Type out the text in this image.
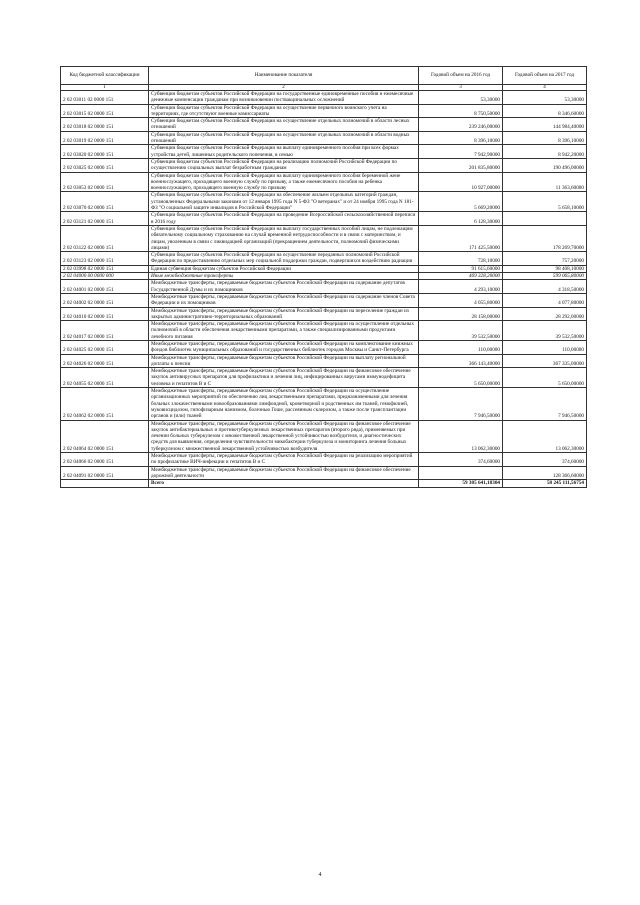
Код бюджетной классификации	Наименование показателя	Годовой объем на 2016 год	Годовой объем на 2017 год
1	2	3	4
2 02 03011 02 0000 151	Субвенции бюджетам субъектов Российской Федерации на государственные единовременные пособия и ежемесячные денежные компенсации гражданам при возникновении поствакцинальных осложнений	53,30000	53,30000
2 02 03015 02 0000 151	Субвенции бюджетам субъектов Российской Федерации на осуществление первичного воинского учета на территориях, где отсутствуют военные комиссариаты	8 750,50000	8 346,60000
2 02 03018 02 0000 151	Субвенции бюджетам субъектов Российской Федерации на осуществление отдельных полномочий в области лесных отношений	239 246,00000	144 984,40000
2 02 03019 02 0000 151	Субвенции бюджетам субъектов Российской Федерации на осуществление отдельных полномочий в области водных отношений	8 396,10000	8 396,10000
2 02 03020 02 0000 151	Субвенции бюджетам субъектов Российской Федерации на выплату единовременного пособия при всех формах устройства детей, лишенных родительского попечения, в семью	7 942,90000	8 942,20000
2 02 03025 02 0000 151	Субвенции бюджетам субъектов Российской Федерации на реализацию полномочий Российской Федерации по осуществлению социальных выплат безработным гражданам	201 835,80000	190 496,00000
2 02 03053 02 0000 151	Субвенции бюджетам субъектов Российской Федерации на выплату единовременного пособия беременной жене военнослужащего, проходящего военную службу по призыву, а также ежемесячного пособия на ребенка военнослужащего, проходящего военную службу по призыву	10 927,00000	11 363,60000
2 02 03070 02 0000 151	Субвенции бюджетам субъектов Российской Федерации на обеспечение жильем отдельных категорий граждан, установленных Федеральными законами от 12 января 1995 года N 5-ФЗ "О ветеранах" и от 24 ноября 1995 года N 181-ФЗ "О социальной защите инвалидов в Российской Федерации"	5 669,20000	5 658,10000
2 02 03121 02 0000 151	Субвенции бюджетам субъектов Российской Федерации на проведение Всероссийской сельскохозяйственной переписи в 2016 году	6 128,30000	
2 02 03122 02 0000 151	Субвенции бюджетам субъектов Российской Федерации на выплату государственных пособий лицам, не подлежащим обязательному социальному страхованию на случай временной нетрудоспособности и в связи с материнством, и лицам, уволенным в связи с ликвидацией организаций (прекращением деятельности, полномочий физическими лицами)	171 425,50000	178 269,70000
2 02 03123 02 0000 151	Субвенции бюджетам субъектов Российской Федерации на осуществление переданных полномочий Российской Федерации по предоставлению отдельных мер социальной поддержки граждан, подвергшихся воздействию радиации	728,10000	757,20000
2 02 03998 02 0000 151	Единая субвенция бюджетам субъектов Российской Федерации	91 615,60000	98 408,10000
2 02 04000 00 0000 000	Иные межбюджетные трансферты	469 328,20000	599 065,80000
2 02 04001 02 0000 151	Межбюджетные трансферты, передаваемые бюджетам субъектов Российской Федерации на содержание депутатов Государственной Думы и их помощников	4 293,10000	4 318,50000
2 02 04002 02 0000 151	Межбюджетные трансферты, передаваемые бюджетам субъектов Российской Федерации на содержание членов Совета Федерации и их помощников	4 055,80000	4 077,80000
2 02 04010 02 0000 151	Межбюджетные трансферты, передаваемые бюджетам субъектов Российской Федерации на переселение граждан из закрытых административно-территориальных образований	28 158,00000	28 292,00000
2 02 04017 02 0000 151	Межбюджетные трансферты, передаваемые бюджетам субъектов Российской Федерации на осуществление отдельных полномочий в области обеспечения лекарственными препаратами, а также специализированными продуктами лечебного питания	39 532,50000	39 532,50000
2 02 04025 02 0000 151	Межбюджетные трансферты, передаваемые бюджетам субъектов Российской Федерации на комплектование книжных фондов библиотек муниципальных образований и государственных библиотек городов Москвы и Санкт-Петербурга	110,00000	110,00000
2 02 04026 02 0000 151	Межбюджетные трансферты, передаваемые бюджетам субъектов Российской Федерации на выплату региональной доплаты к пенсии	366 143,40000	367 335,00000
2 02 04055 02 0000 151	Межбюджетные трансферты, передаваемые бюджетам субъектов Российской Федерации на финансовое обеспечение закупок антивирусных препаратов для профилактики и лечения лиц, инфицированных вирусами иммунодефицита человека и гепатитов В и С	5 650,00000	5 650,00000
2 02 04062 02 0000 151	Межбюджетные трансферты, передаваемые бюджетам субъектов Российской Федерации на осуществление организационных мероприятий по обеспечению лиц лекарственными препаратами, предназначенными для лечения больных злокачественными новообразованиями лимфоидной, кроветворной и родственных им тканей, гемофилией, муковисцидозом, гипофизарным нанизмом, болезнью Гоше, рассеянным склерозом, а также после трансплантации органов и (или) тканей	7 946,50000	7 946,50000
2 02 04064 02 0000 151	Межбюджетные трансферты, передаваемые бюджетам субъектов Российской Федерации на финансовое обеспечение закупок антибактериальных и противотуберкулезных лекарственных препаратов (второго ряда), применяемых при лечении больных туберкулезом с множественной лекарственной устойчивостью возбудителя, и диагностических средств для выявления, определения чувствительности микобактерии туберкулеза и мониторинга лечения больных туберкулезом с множественной лекарственной устойчивостью возбудителя	13 062,30000	13 062,30000
2 02 04066 02 0000 151	Межбюджетные трансферты, передаваемые бюджетам субъектов Российской Федерации на реализацию мероприятий по профилактике ВИЧ-инфекции и гепатитов В и С	374,60000	374,60000
2 02 04091 02 0000 151	Межбюджетные трансферты, передаваемые бюджетам субъектов Российской Федерации на финансовое обеспечение дорожной деятельности		128 366,60000
	Всего	59 305 641,18304	58 245 111,56754
4
